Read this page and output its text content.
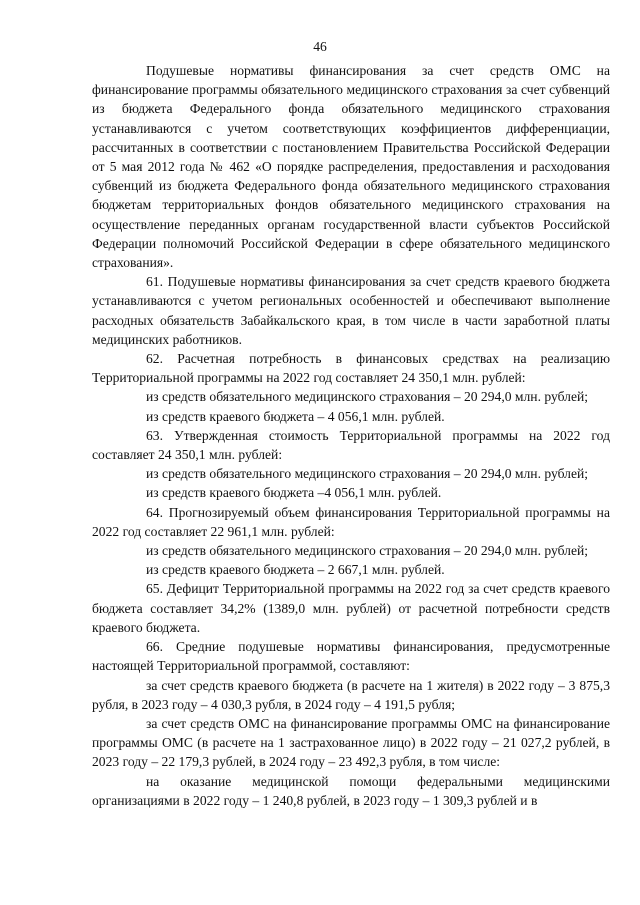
46

Подушевые нормативы финансирования за счет средств ОМС на финансирование программы обязательного медицинского страхования за счет субвенций из бюджета Федерального фонда обязательного медицинского страхования устанавливаются с учетом соответствующих коэффициентов дифференциации, рассчитанных в соответствии с постановлением Правительства Российской Федерации от 5 мая 2012 года № 462 «О порядке распределения, предоставления и расходования субвенций из бюджета Федерального фонда обязательного медицинского страхования бюджетам территориальных фондов обязательного медицинского страхования на осуществление переданных органам государственной власти субъектов Российской Федерации полномочий Российской Федерации в сфере обязательного медицинского страхования».

61. Подушевые нормативы финансирования за счет средств краевого бюджета устанавливаются с учетом региональных особенностей и обеспечивают выполнение расходных обязательств Забайкальского края, в том числе в части заработной платы медицинских работников.

62. Расчетная потребность в финансовых средствах на реализацию Территориальной программы на 2022 год составляет 24 350,1 млн. рублей:

из средств обязательного медицинского страхования – 20 294,0 млн. рублей;

из средств краевого бюджета – 4 056,1 млн. рублей.

63. Утвержденная стоимость Территориальной программы на 2022 год составляет 24 350,1 млн. рублей:

из средств обязательного медицинского страхования – 20 294,0 млн. рублей;

из средств краевого бюджета –4 056,1 млн. рублей.

64. Прогнозируемый объем финансирования Территориальной программы на 2022 год составляет 22 961,1 млн. рублей:

из средств обязательного медицинского страхования – 20 294,0 млн. рублей;

из средств краевого бюджета – 2 667,1 млн. рублей.

65. Дефицит Территориальной программы на 2022 год за счет средств краевого бюджета составляет 34,2% (1389,0 млн. рублей) от расчетной потребности средств краевого бюджета.

66. Средние подушевые нормативы финансирования, предусмотренные настоящей Территориальной программой, составляют:

за счет средств краевого бюджета (в расчете на 1 жителя) в 2022 году – 3 875,3 рубля, в 2023 году – 4 030,3 рубля, в 2024 году – 4 191,5 рубля;

за счет средств ОМС на финансирование программы ОМС на финансирование программы ОМС (в расчете на 1 застрахованное лицо) в 2022 году – 21 027,2 рублей, в 2023 году – 22 179,3 рублей, в 2024 году – 23 492,3 рубля, в том числе:

на оказание медицинской помощи федеральными медицинскими организациями в 2022 году – 1 240,8 рублей, в 2023 году – 1 309,3 рублей и в
